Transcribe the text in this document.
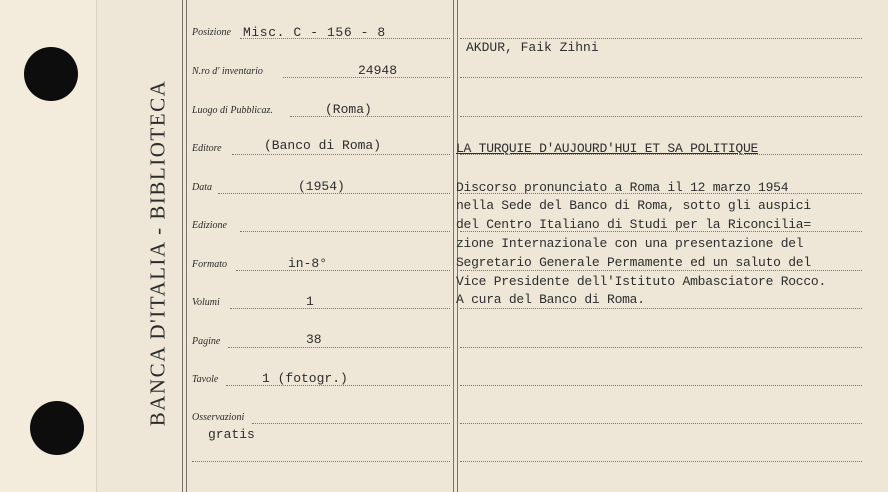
BANCA D'ITALIA - BIBLIOTECA
Posizione Misc. C - 156 - 8
N.ro d' inventario	24948
Luogo di Pubblicaz.	(Roma)
Editore	(Banco di Roma)
Data	(1954)
Edizione
Formato	in-8°
Volumi	1
Pagine	38
Tavole	1 (fotogr.)
Osservazioni
gratis
AKDUR, Faik Zihni
LA TURQUIE D'AUJOURD'HUI ET SA POLITIQUE
Discorso pronunciato a Roma il 12 marzo 1954
nella Sede del Banco di Roma, sotto gli auspici
del Centro Italiano di Studi per la Riconcilia=
zione Internazionale con una presentazione del
Segretario Generale Permamente ed un saluto del
Vice Presidente dell'Istituto Ambasciatore Rocco.
A cura del Banco di Roma.
